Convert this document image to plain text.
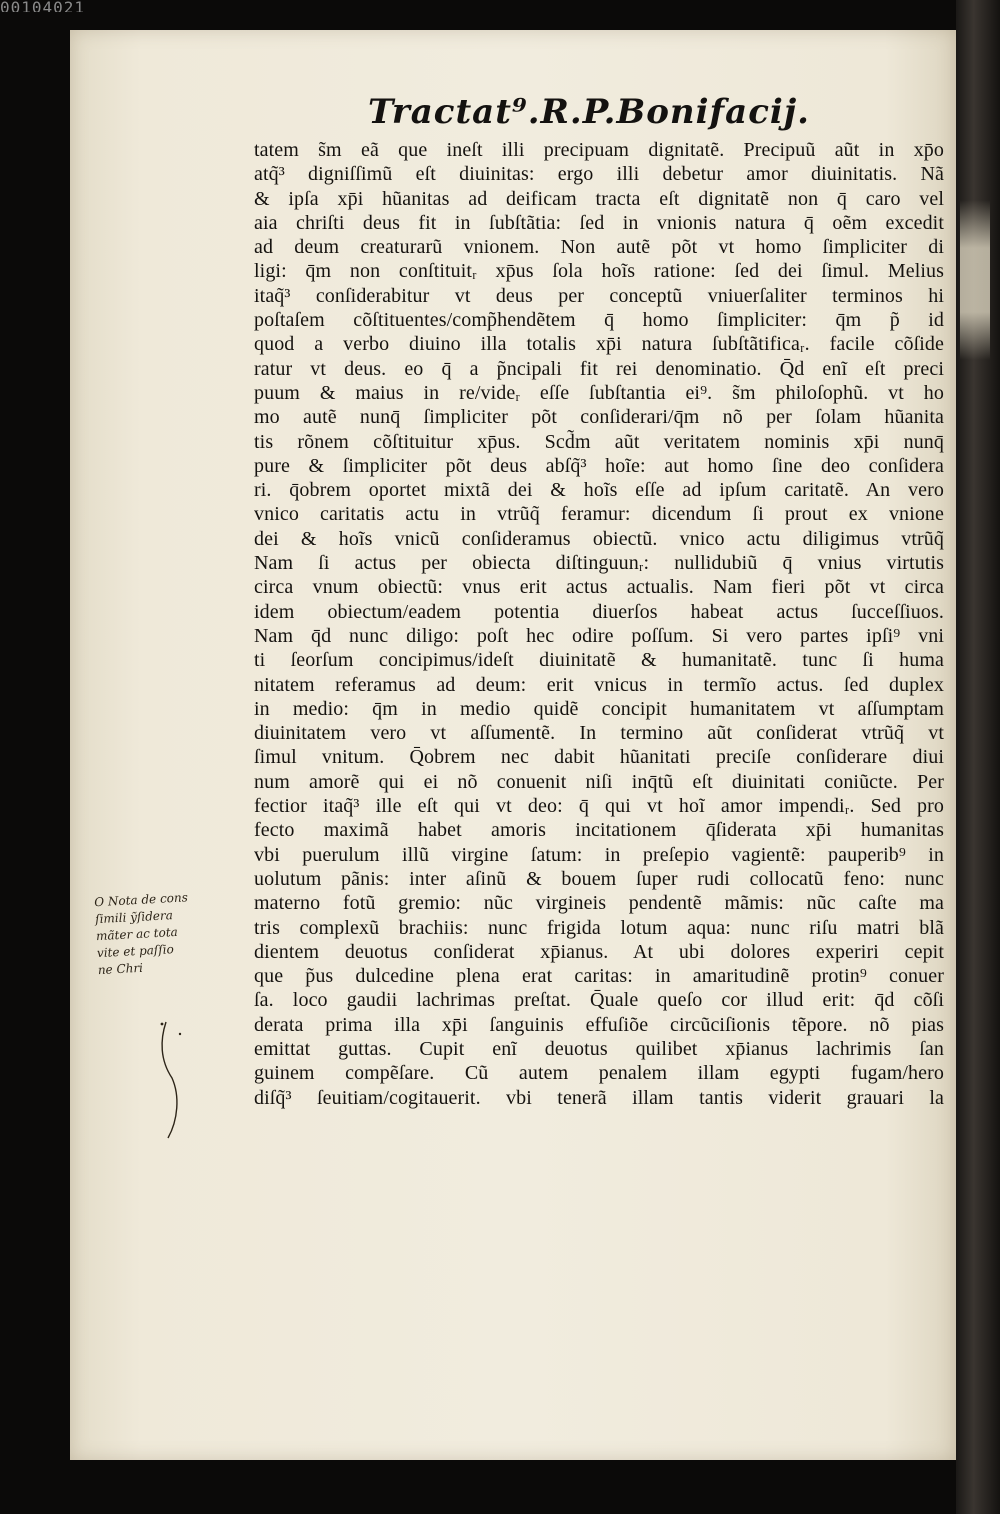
00104021
Tractat⁹.R.P.Bonifacij.
tatem s̃m eã que ineſt illi precipuam dignitatẽ. Precipuũ aũt in xp̄o
atq̃³ digniſſimũ eſt diuinitas: ergo illi debetur amor diuinitatis. Nã
& ipſa xp̄i hũanitas ad deificam tracta eſt dignitatẽ non q̄ caro vel
aia chriſti deus fit in ſubſtãtia: ſed in vnionis natura q̄ oẽm excedit
ad deum creaturarũ vnionem. Non autẽ põt vt homo ſimpliciter di
ligi: q̄m non conſtituitᵣ xp̄us ſola hoĩs ratione: ſed dei ſimul. Melius
itaq̃³ conſiderabitur vt deus per conceptũ vniuerſaliter terminos hi
poſtaſem cõſtituentes/comp̃hendẽtem q̄ homo ſimpliciter: q̄m p̃ id
quod a verbo diuino illa totalis xp̄i natura ſubſtãtificaᵣ. facile cõſide
ratur vt deus. eo q̄ a p̃ncipali fit rei denominatio. Q̄d enĩ eſt preci
puum & maius in re/videᵣ eſſe ſubſtantia ei⁹. s̃m philoſophũ. vt ho
mo autẽ nunq̄ ſimpliciter põt conſiderari/q̄m nõ per ſolam hũanita
tis rõnem cõſtituitur xp̄us. Scd̃m aũt veritatem nominis xp̄i nunq̄
pure & ſimpliciter põt deus abſq̃³ hoĩe: aut homo ſine deo conſidera
ri. q̄obrem oportet mixtã dei & hoĩs eſſe ad ipſum caritatẽ. An vero
vnico caritatis actu in vtrũq̃ feramur: dicendum ſi prout ex vnione
dei & hoĩs vnicũ conſideramus obiectũ. vnico actu diligimus vtrũq̃
Nam ſi actus per obiecta diſtinguunᵣ: nullidubiũ q̄ vnius virtutis
circa vnum obiectũ: vnus erit actus actualis. Nam fieri põt vt circa
idem obiectum/eadem potentia diuerſos habeat actus ſucceſſiuos.
Nam q̄d nunc diligo: poſt hec odire poſſum. Si vero partes ipſi⁹ vni
ti ſeorſum concipimus/ideſt diuinitatẽ & humanitatẽ. tunc ſi huma
nitatem referamus ad deum: erit vnicus in termĩo actus. ſed duplex
in medio: q̄m in medio quidẽ concipit humanitatem vt aſſumptam
diuinitatem vero vt aſſumentẽ. In termino aũt conſiderat vtrũq̃ vt
ſimul vnitum. Q̄obrem nec dabit hũanitati preciſe conſiderare diui
num amorẽ qui ei nõ conuenit niſi inq̄tũ eſt diuinitati coniũcte. Per
fectior itaq̃³ ille eſt qui vt deo: q̄ qui vt hoĩ amor impendiᵣ. Sed pro
fecto maximã habet amoris incitationem q̄ſiderata xp̄i humanitas
vbi puerulum illũ virgine ſatum: in preſepio vagientẽ: pauperib⁹ in
uolutum pãnis: inter aſinũ & bouem ſuper rudi collocatũ feno: nunc
materno fotũ gremio: nũc virgineis pendentẽ mãmis: nũc caſte ma
tris complexũ brachiis: nunc frigida lotum aqua: nunc riſu matri blã
dientem deuotus conſiderat xp̄ianus. At ubi dolores experiri cepit
que p̃us dulcedine plena erat caritas: in amaritudinẽ protin⁹ conuer
ſa. loco gaudii lachrimas preſtat. Q̄uale queſo cor illud erit: q̄d cõſi
derata prima illa xp̄i ſanguinis effuſiõe circũciſionis tẽpore. nõ pias
emittat guttas. Cupit enĩ deuotus quilibet xp̄ianus lachrimis ſan
guinem compẽſare. Cũ autem penalem illam egypti fugam/hero
diſq̃³ ſeuitiam/cogitauerit. vbi tenerã illam tantis viderit grauari la
O Nota de cons
ſimili ỹſidera
mãter ac tota
vite et paſſio
ne Chri
